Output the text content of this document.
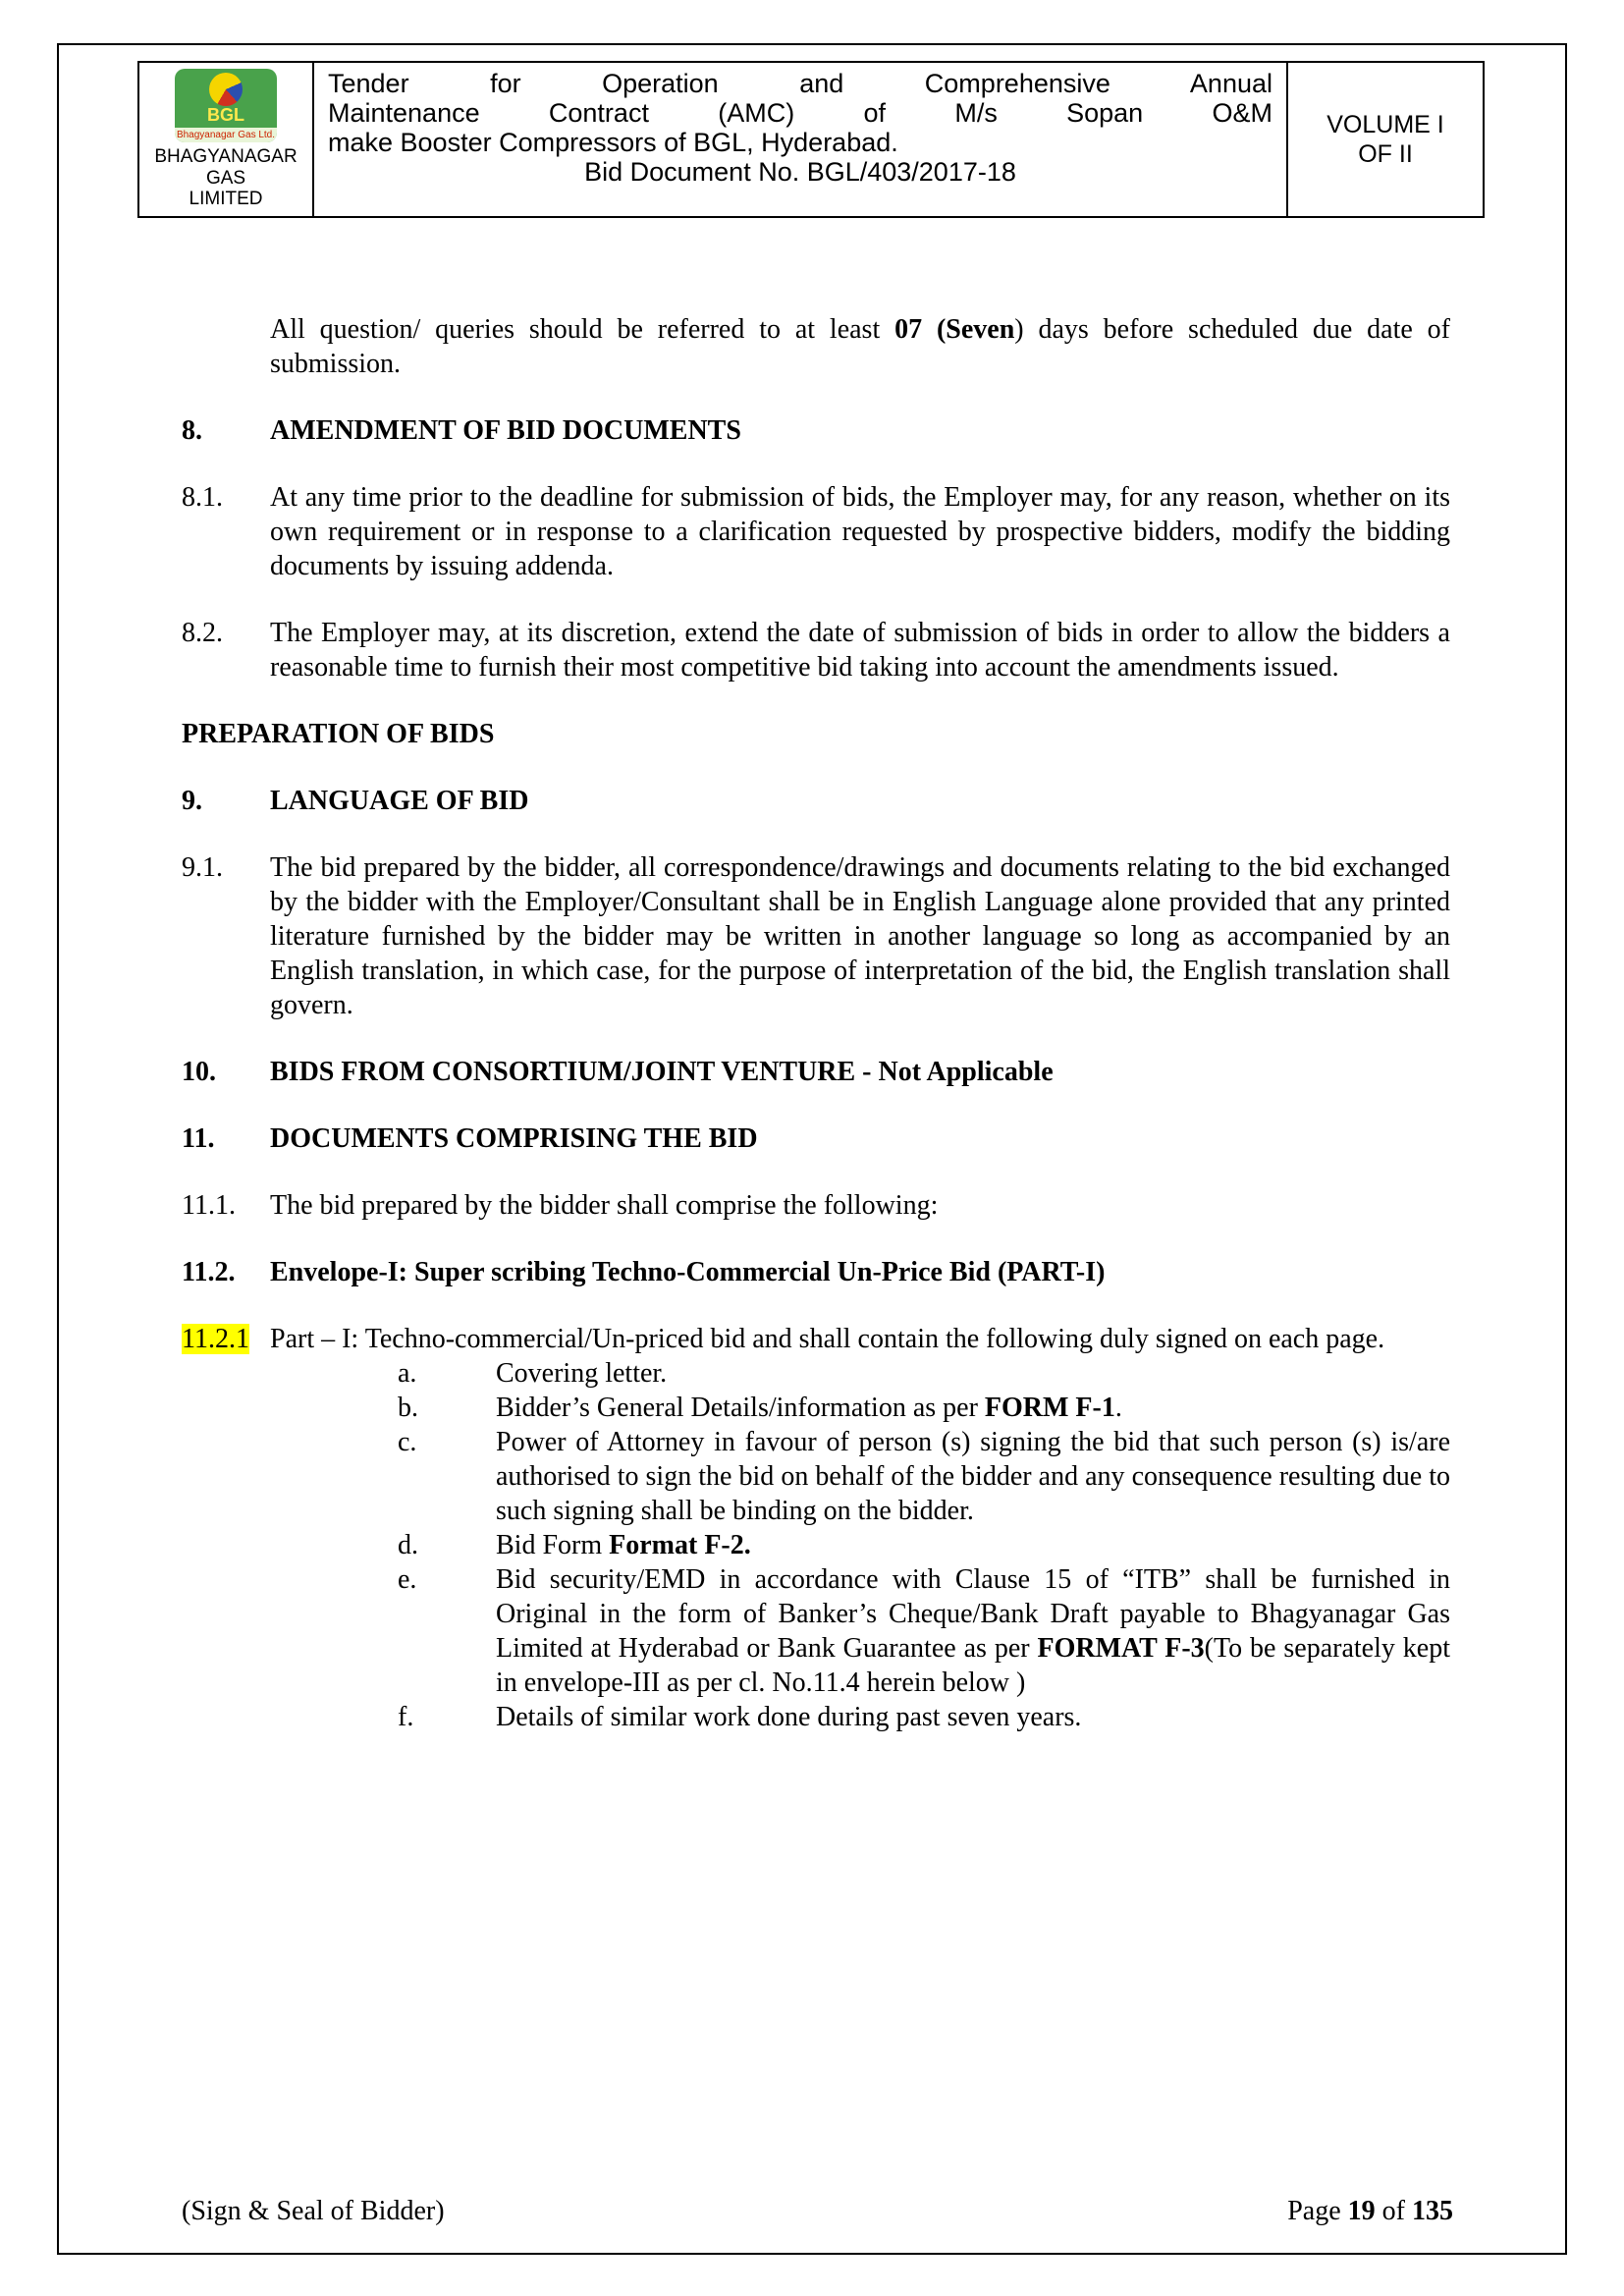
BGL
Bhagyanagar Gas Ltd.
BHAGYANAGAR GAS
LIMITED
Tender for Operation and Comprehensive Annual
Maintenance Contract (AMC) of M/s Sopan O&M
make Booster Compressors of BGL, Hyderabad.
Bid Document No. BGL/403/2017-18
VOLUME I
OF II

All question/ queries should be referred to at least 07 (Seven) days before scheduled due date of submission.

8.	AMENDMENT OF BID DOCUMENTS
8.1.	At any time prior to the deadline for submission of bids, the Employer may, for any reason, whether on its own requirement or in response to a clarification requested by prospective bidders, modify the bidding documents by issuing addenda.
8.2.	The Employer may, at its discretion, extend the date of submission of bids in order to allow the bidders a reasonable time to furnish their most competitive bid taking into account the amendments issued.
PREPARATION OF BIDS
9.	LANGUAGE OF BID
9.1.	The bid prepared by the bidder, all correspondence/drawings and documents relating to the bid exchanged by the bidder with the Employer/Consultant shall be in English Language alone provided that any printed literature furnished by the bidder may be written in another language so long as accompanied by an English translation, in which case, for the purpose of interpretation of the bid, the English translation shall govern.
10.	BIDS FROM CONSORTIUM/JOINT VENTURE - Not Applicable
11.	DOCUMENTS COMPRISING THE BID
11.1.	The bid prepared by the bidder shall comprise the following:
11.2.	Envelope-I: Super scribing Techno-Commercial Un-Price Bid (PART-I)
11.2.1 Part – I: Techno-commercial/Un-priced bid and shall contain the following duly signed on each page.
a.	Covering letter.
b.	Bidder’s General Details/information as per FORM F-1.
c.	Power of Attorney in favour of person (s) signing the bid that such person (s) is/are authorised to sign the bid on behalf of the bidder and any consequence resulting due to such signing shall be binding on the bidder.
d.	Bid Form Format F-2.
e.	Bid security/EMD in accordance with Clause 15 of “ITB” shall be furnished in Original in the form of Banker’s Cheque/Bank Draft payable to Bhagyanagar Gas Limited at Hyderabad or Bank Guarantee as per FORMAT F-3(To be separately kept in envelope-III as per cl. No.11.4 herein below )
f.	Details of similar work done during past seven years.
(Sign & Seal of Bidder)	Page 19 of 135
